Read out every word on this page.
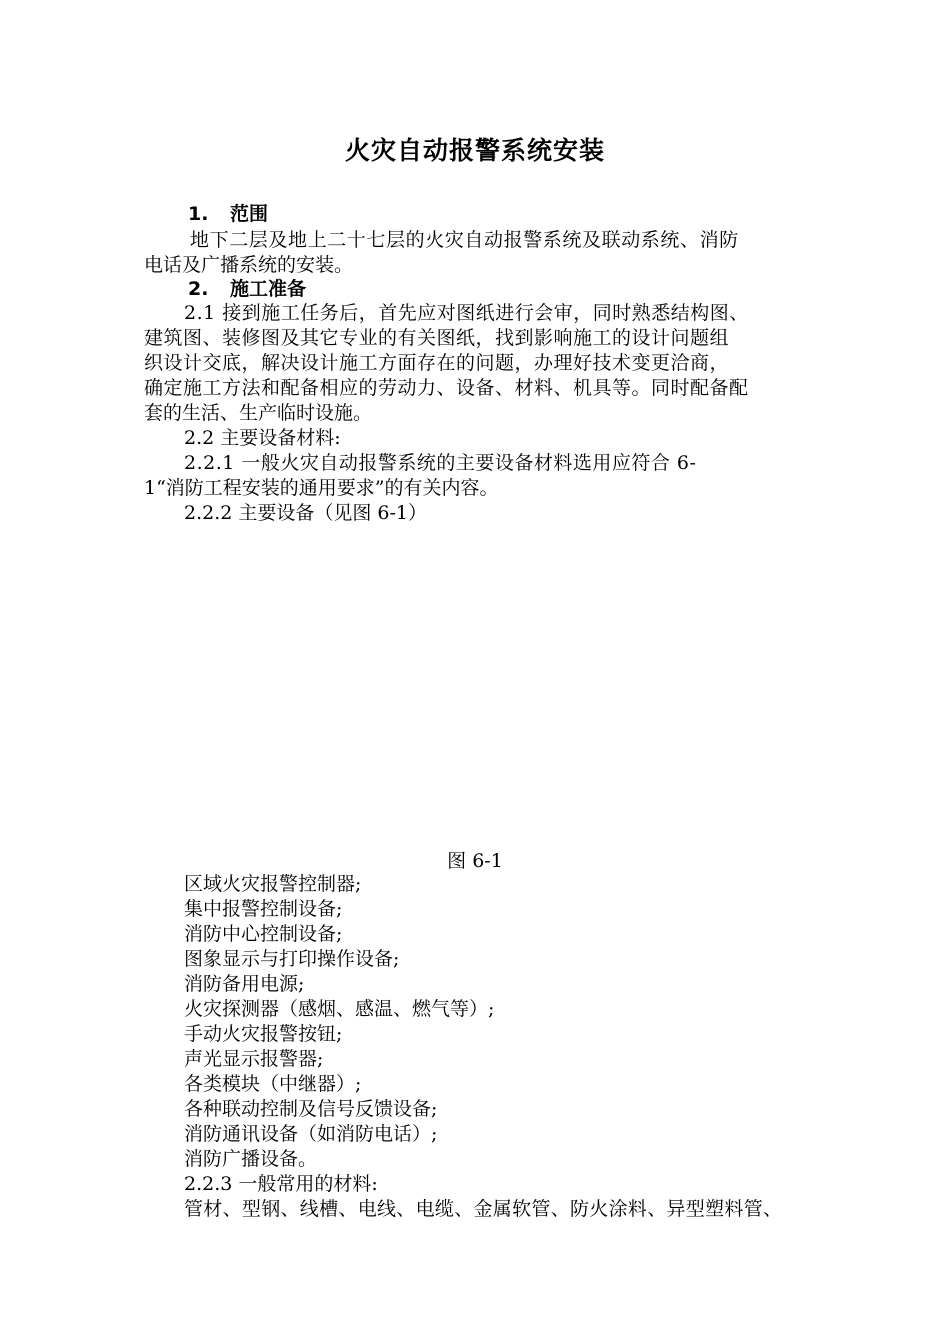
火灾自动报警系统安装
1. 范围
地下二层及地上二十七层的火灾自动报警系统及联动系统、消防
电话及广播系统的安装。
2. 施工准备
2.1 接到施工任务后，首先应对图纸进行会审，同时熟悉结构图、
建筑图、装修图及其它专业的有关图纸，找到影响施工的设计问题组
织设计交底，解决设计施工方面存在的问题，办理好技术变更洽商，
确定施工方法和配备相应的劳动力、设备、材料、机具等。同时配备配
套的生活、生产临时设施。
2.2 主要设备材料:
2.2.1 一般火灾自动报警系统的主要设备材料选用应符合 6-
1“消防工程安装的通用要求”的有关内容。
2.2.2 主要设备（见图 6-1）
图 6-1
区域火灾报警控制器;
集中报警控制设备;
消防中心控制设备;
图象显示与打印操作设备;
消防备用电源;
火灾探测器（感烟、感温、燃气等）;
手动火灾报警按钮;
声光显示报警器;
各类模块（中继器）;
各种联动控制及信号反馈设备;
消防通讯设备（如消防电话）;
消防广播设备。
2.2.3 一般常用的材料:
管材、型钢、线槽、电线、电缆、金属软管、防火涂料、异型塑料管、
